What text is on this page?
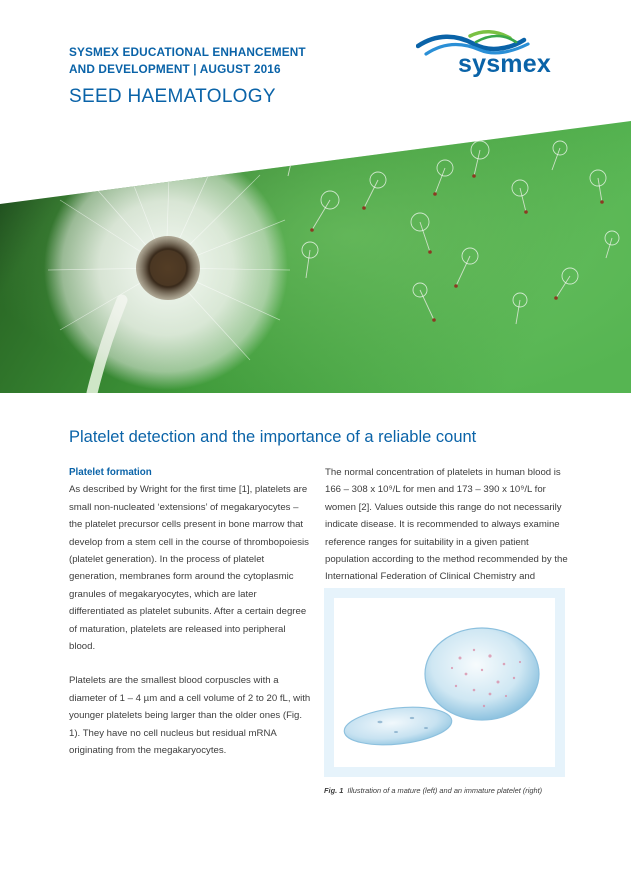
SYSMEX EDUCATIONAL ENHANCEMENT
AND DEVELOPMENT | AUGUST 2016
SEED HAEMATOLOGY
sysmex
Platelet detection and the importance of a reliable count
Platelet formation

As described by Wright for the first time [1], platelets are small non-nucleated ‘extensions’ of megakaryocytes – the platelet precursor cells present in bone marrow that develop from a stem cell in the course of thrombopoiesis (platelet generation). In the process of platelet generation, membranes form around the cytoplasmic granules of megakaryocytes, which are later differentiated as platelet subunits. After a certain degree of maturation, platelets are released into peripheral blood.

Platelets are the smallest blood corpuscles with a diameter of 1 – 4 µm and a cell volume of 2 to 20 fL, with younger platelets being larger than the older ones (Fig. 1). They have no cell nucleus but residual mRNA originating from the megakaryocytes.

The normal concentration of platelets in human blood is 166 – 308 x 10⁹/L for men and 173 – 390 x 10⁹/L for women [2]. Values outside this range do not necessarily indicate disease. It is recommended to always examine reference ranges for suitability in a given patient population according to the method recommended by the International Federation of Clinical Chemistry and

Fig. 1 Illustration of a mature (left) and an immature platelet (right)
